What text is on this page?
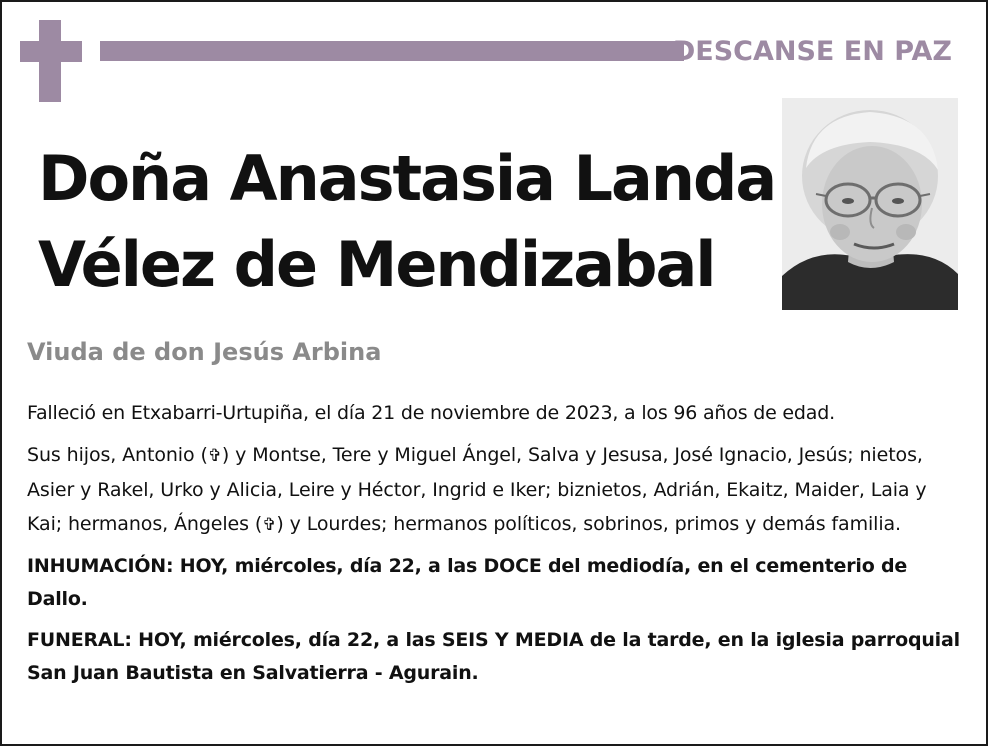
DESCANSE EN PAZ
Doña Anastasia Landa
Vélez de Mendizabal
Viuda de don Jesús Arbina

Falleció en Etxabarri-Urtupiña, el día 21 de noviembre de 2023, a los 96 años de edad.

Sus hijos, Antonio (✞) y Montse, Tere y Miguel Ángel, Salva y Jesusa, José Ignacio, Jesús; nietos, Asier y Rakel, Urko y Alicia, Leire y Héctor, Ingrid e Iker; biznietos, Adrián, Ekaitz, Maider, Laia y Kai; hermanos, Ángeles (✞) y Lourdes; hermanos políticos, sobrinos, primos y demás familia.

INHUMACIÓN: HOY, miércoles, día 22, a las DOCE del mediodía, en el cementerio de Dallo.

FUNERAL: HOY, miércoles, día 22, a las SEIS Y MEDIA de la tarde, en la iglesia parroquial San Juan Bautista en Salvatierra - Agurain.
